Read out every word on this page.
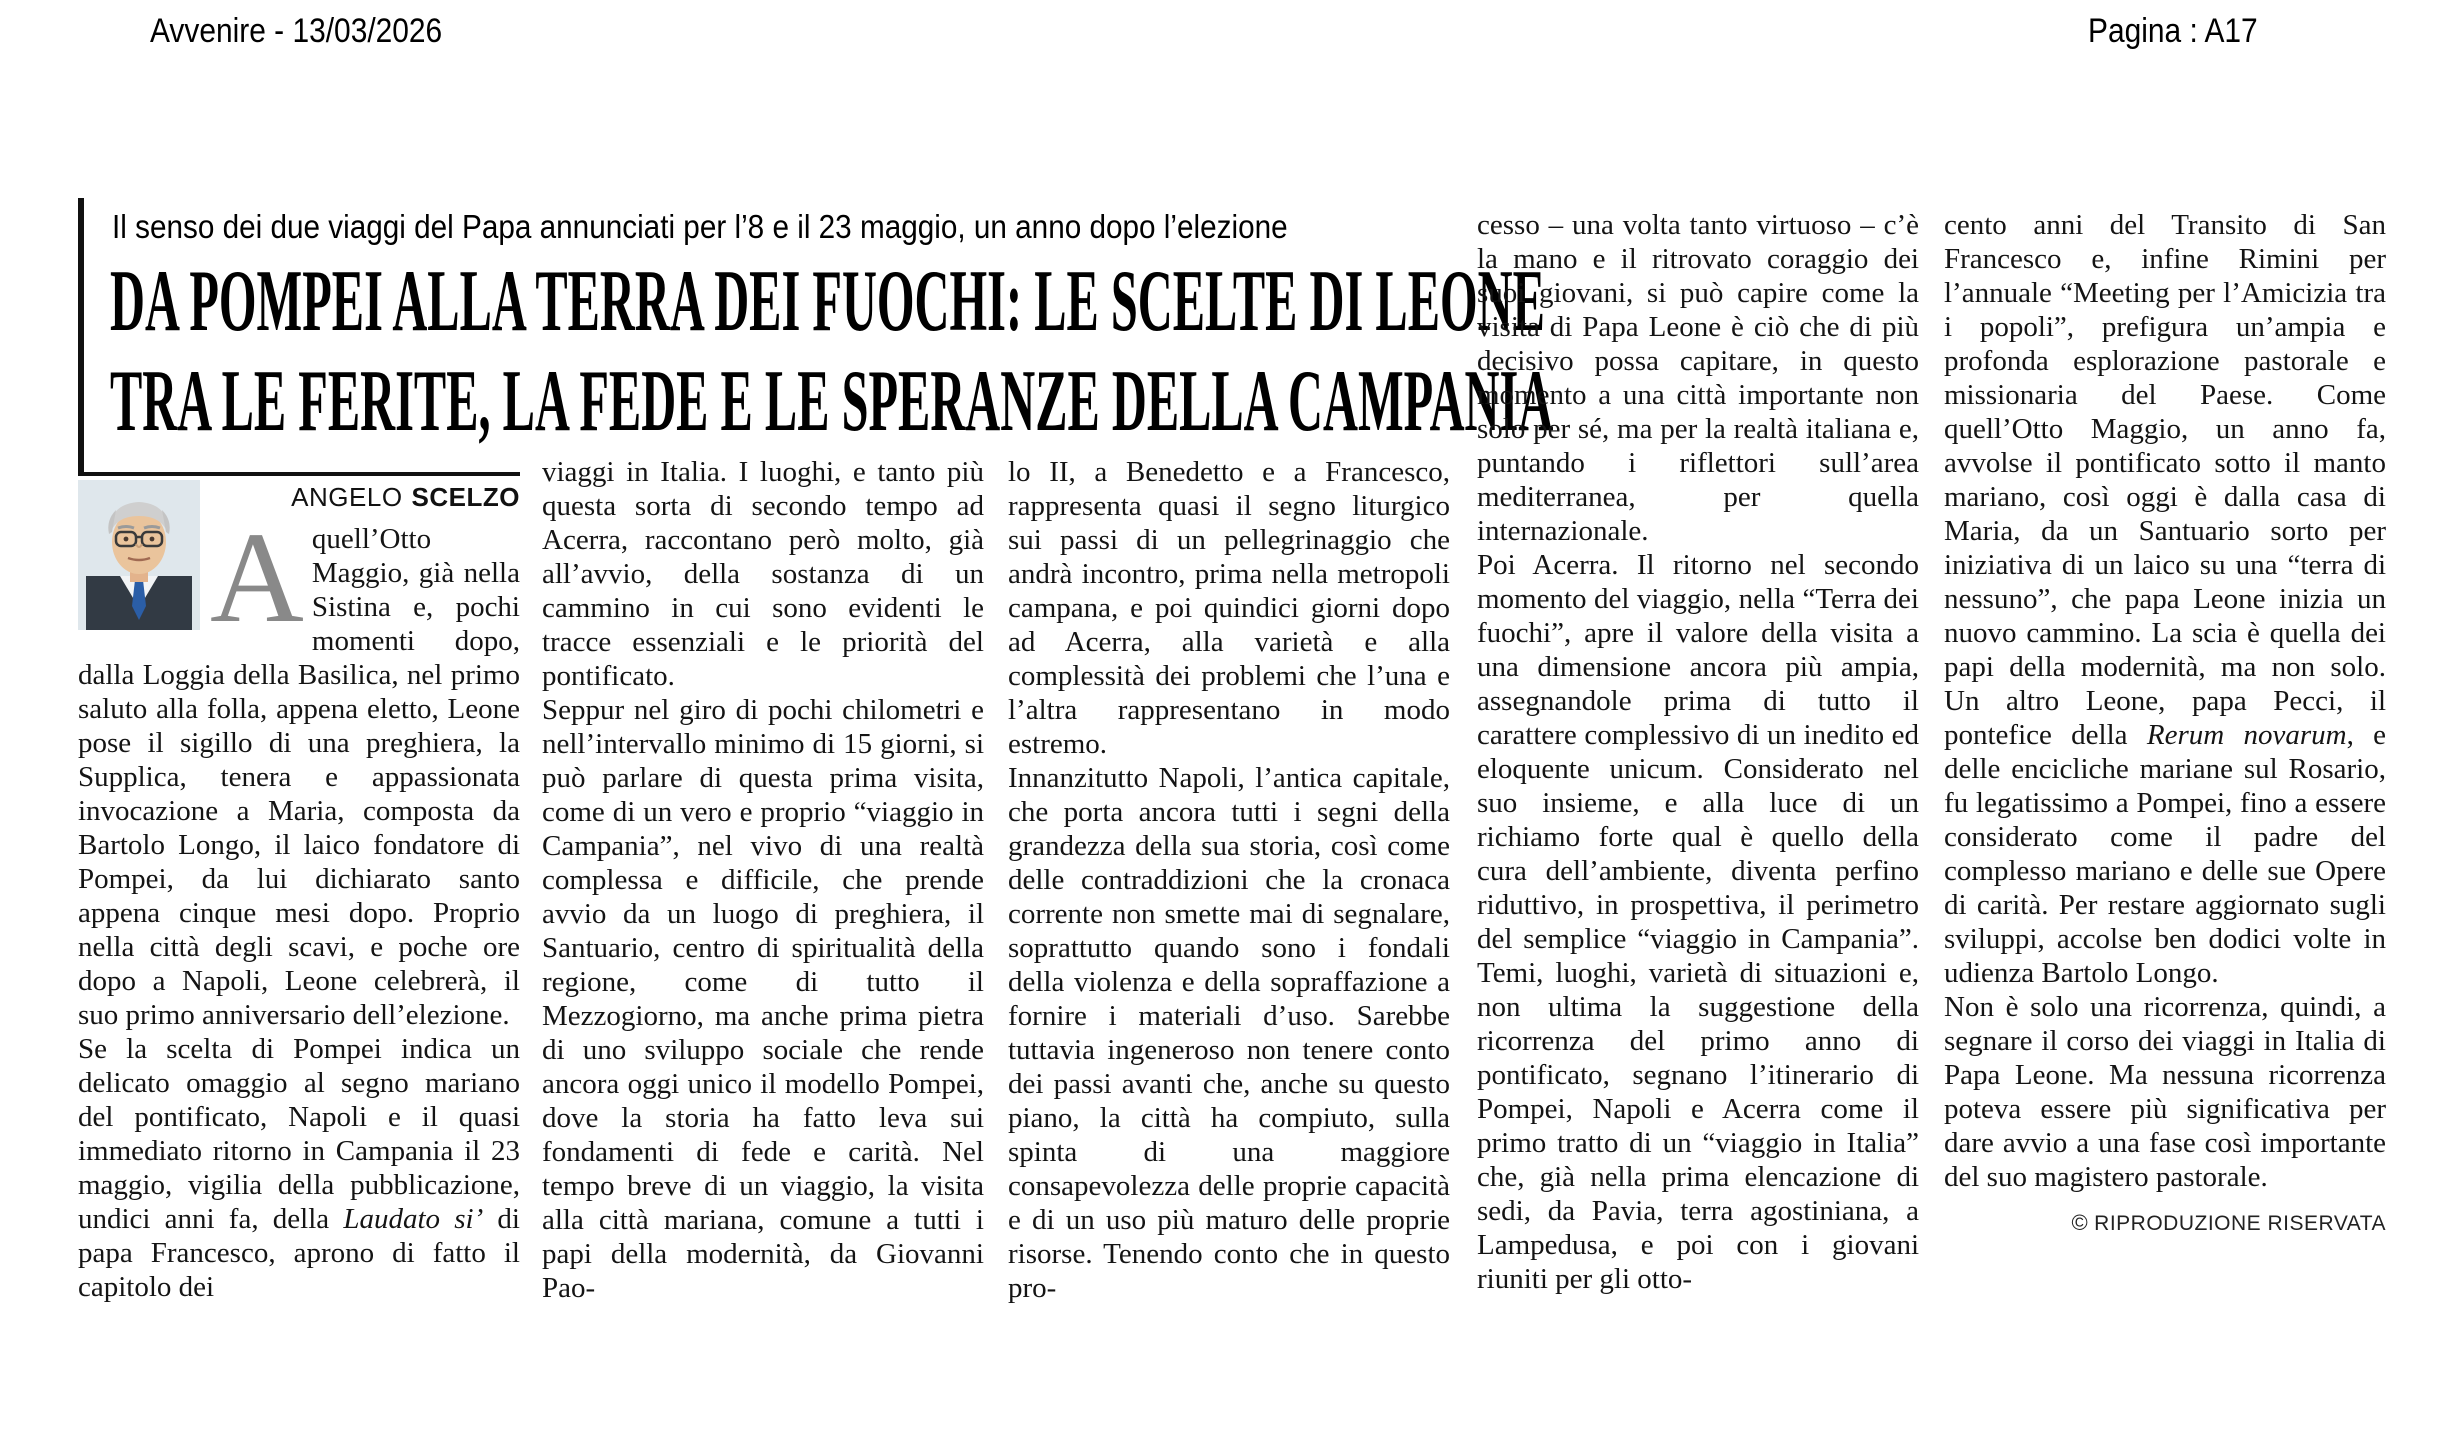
Avvenire - 13/03/2026	Pagina : A17
Il senso dei due viaggi del Papa annunciati per l’8 e il 23 maggio, un anno dopo l’elezione
DA POMPEI ALLA TERRA DEI FUOCHI: LE SCELTE DI LEONE
TRA LE FERITE, LA FEDE E LE SPERANZE DELLA CAMPANIA
ANGELO SCELZO

A quell’Otto Maggio, già nella Sistina e, pochi momenti dopo, dalla Loggia della Basilica, nel primo saluto alla folla, appena eletto, Leone pose il sigillo di una preghiera, la Supplica, tenera e appassionata invocazione a Maria, composta da Bartolo Longo, il laico fondatore di Pompei, da lui dichiarato santo appena cinque mesi dopo. Proprio nella città degli scavi, e poche ore dopo a Napoli, Leone celebrerà, il suo primo anniversario dell’elezione.

Se la scelta di Pompei indica un delicato omaggio al segno mariano del pontificato, Napoli e il quasi immediato ritorno in Campania il 23 maggio, vigilia della pubblicazione, undici anni fa, della Laudato si’ di papa Francesco, aprono di fatto il capitolo dei

viaggi in Italia. I luoghi, e tanto più questa sorta di secondo tempo ad Acerra, raccontano però molto, già all’avvio, della sostanza di un cammino in cui sono evidenti le tracce essenziali e le priorità del pontificato.

Seppur nel giro di pochi chilometri e nell’intervallo minimo di 15 giorni, si può parlare di questa prima visita, come di un vero e proprio “viaggio in Campania”, nel vivo di una realtà complessa e difficile, che prende avvio da un luogo di preghiera, il Santuario, centro di spiritualità della regione, come di tutto il Mezzogiorno, ma anche prima pietra di uno sviluppo sociale che rende ancora oggi unico il modello Pompei, dove la storia ha fatto leva sui fondamenti di fede e carità. Nel tempo breve di un viaggio, la visita alla città mariana, comune a tutti i papi della modernità, da Giovanni Pao-

lo II, a Benedetto e a Francesco, rappresenta quasi il segno liturgico sui passi di un pellegrinaggio che andrà incontro, prima nella metropoli campana, e poi quindici giorni dopo ad Acerra, alla varietà e alla complessità dei problemi che l’una e l’altra rappresentano in modo estremo.

Innanzitutto Napoli, l’antica capitale, che porta ancora tutti i segni della grandezza della sua storia, così come delle contraddizioni che la cronaca corrente non smette mai di segnalare, soprattutto quando sono i fondali della violenza e della sopraffazione a fornire i materiali d’uso. Sarebbe tuttavia ingeneroso non tenere conto dei passi avanti che, anche su questo piano, la città ha compiuto, sulla spinta di una maggiore consapevolezza delle proprie capacità e di un uso più maturo delle proprie risorse. Tenendo conto che in questo pro-

cesso – una volta tanto virtuoso – c’è la mano e il ritrovato coraggio dei suoi giovani, si può capire come la visita di Papa Leone è ciò che di più decisivo possa capitare, in questo momento a una città importante non solo per sé, ma per la realtà italiana e, puntando i riflettori sull’area mediterranea, per quella internazionale.

Poi Acerra. Il ritorno nel secondo momento del viaggio, nella “Terra dei fuochi”, apre il valore della visita a una dimensione ancora più ampia, assegnandole prima di tutto il carattere complessivo di un inedito ed eloquente unicum. Considerato nel suo insieme, e alla luce di un richiamo forte qual è quello della cura dell’ambiente, diventa perfino riduttivo, in prospettiva, il perimetro del semplice “viaggio in Campania”. Temi, luoghi, varietà di situazioni e, non ultima la suggestione della ricorrenza del primo anno di pontificato, segnano l’itinerario di Pompei, Napoli e Acerra come il primo tratto di un “viaggio in Italia” che, già nella prima elencazione di sedi, da Pavia, terra agostiniana, a Lampedusa, e poi con i giovani riuniti per gli otto-

cento anni del Transito di San Francesco e, infine Rimini per l’annuale “Meeting per l’Amicizia tra i popoli”, prefigura un’ampia e profonda esplorazione pastorale e missionaria del Paese. Come quell’Otto Maggio, un anno fa, avvolse il pontificato sotto il manto mariano, così oggi è dalla casa di Maria, da un Santuario sorto per iniziativa di un laico su una “terra di nessuno”, che papa Leone inizia un nuovo cammino. La scia è quella dei papi della modernità, ma non solo. Un altro Leone, papa Pecci, il pontefice della Rerum novarum, e delle encicliche mariane sul Rosario, fu legatissimo a Pompei, fino a essere considerato come il padre del complesso mariano e delle sue Opere di carità. Per restare aggiornato sugli sviluppi, accolse ben dodici volte in udienza Bartolo Longo.

Non è solo una ricorrenza, quindi, a segnare il corso dei viaggi in Italia di Papa Leone. Ma nessuna ricorrenza poteva essere più significativa per dare avvio a una fase così importante del suo magistero pastorale.

© RIPRODUZIONE RISERVATA
